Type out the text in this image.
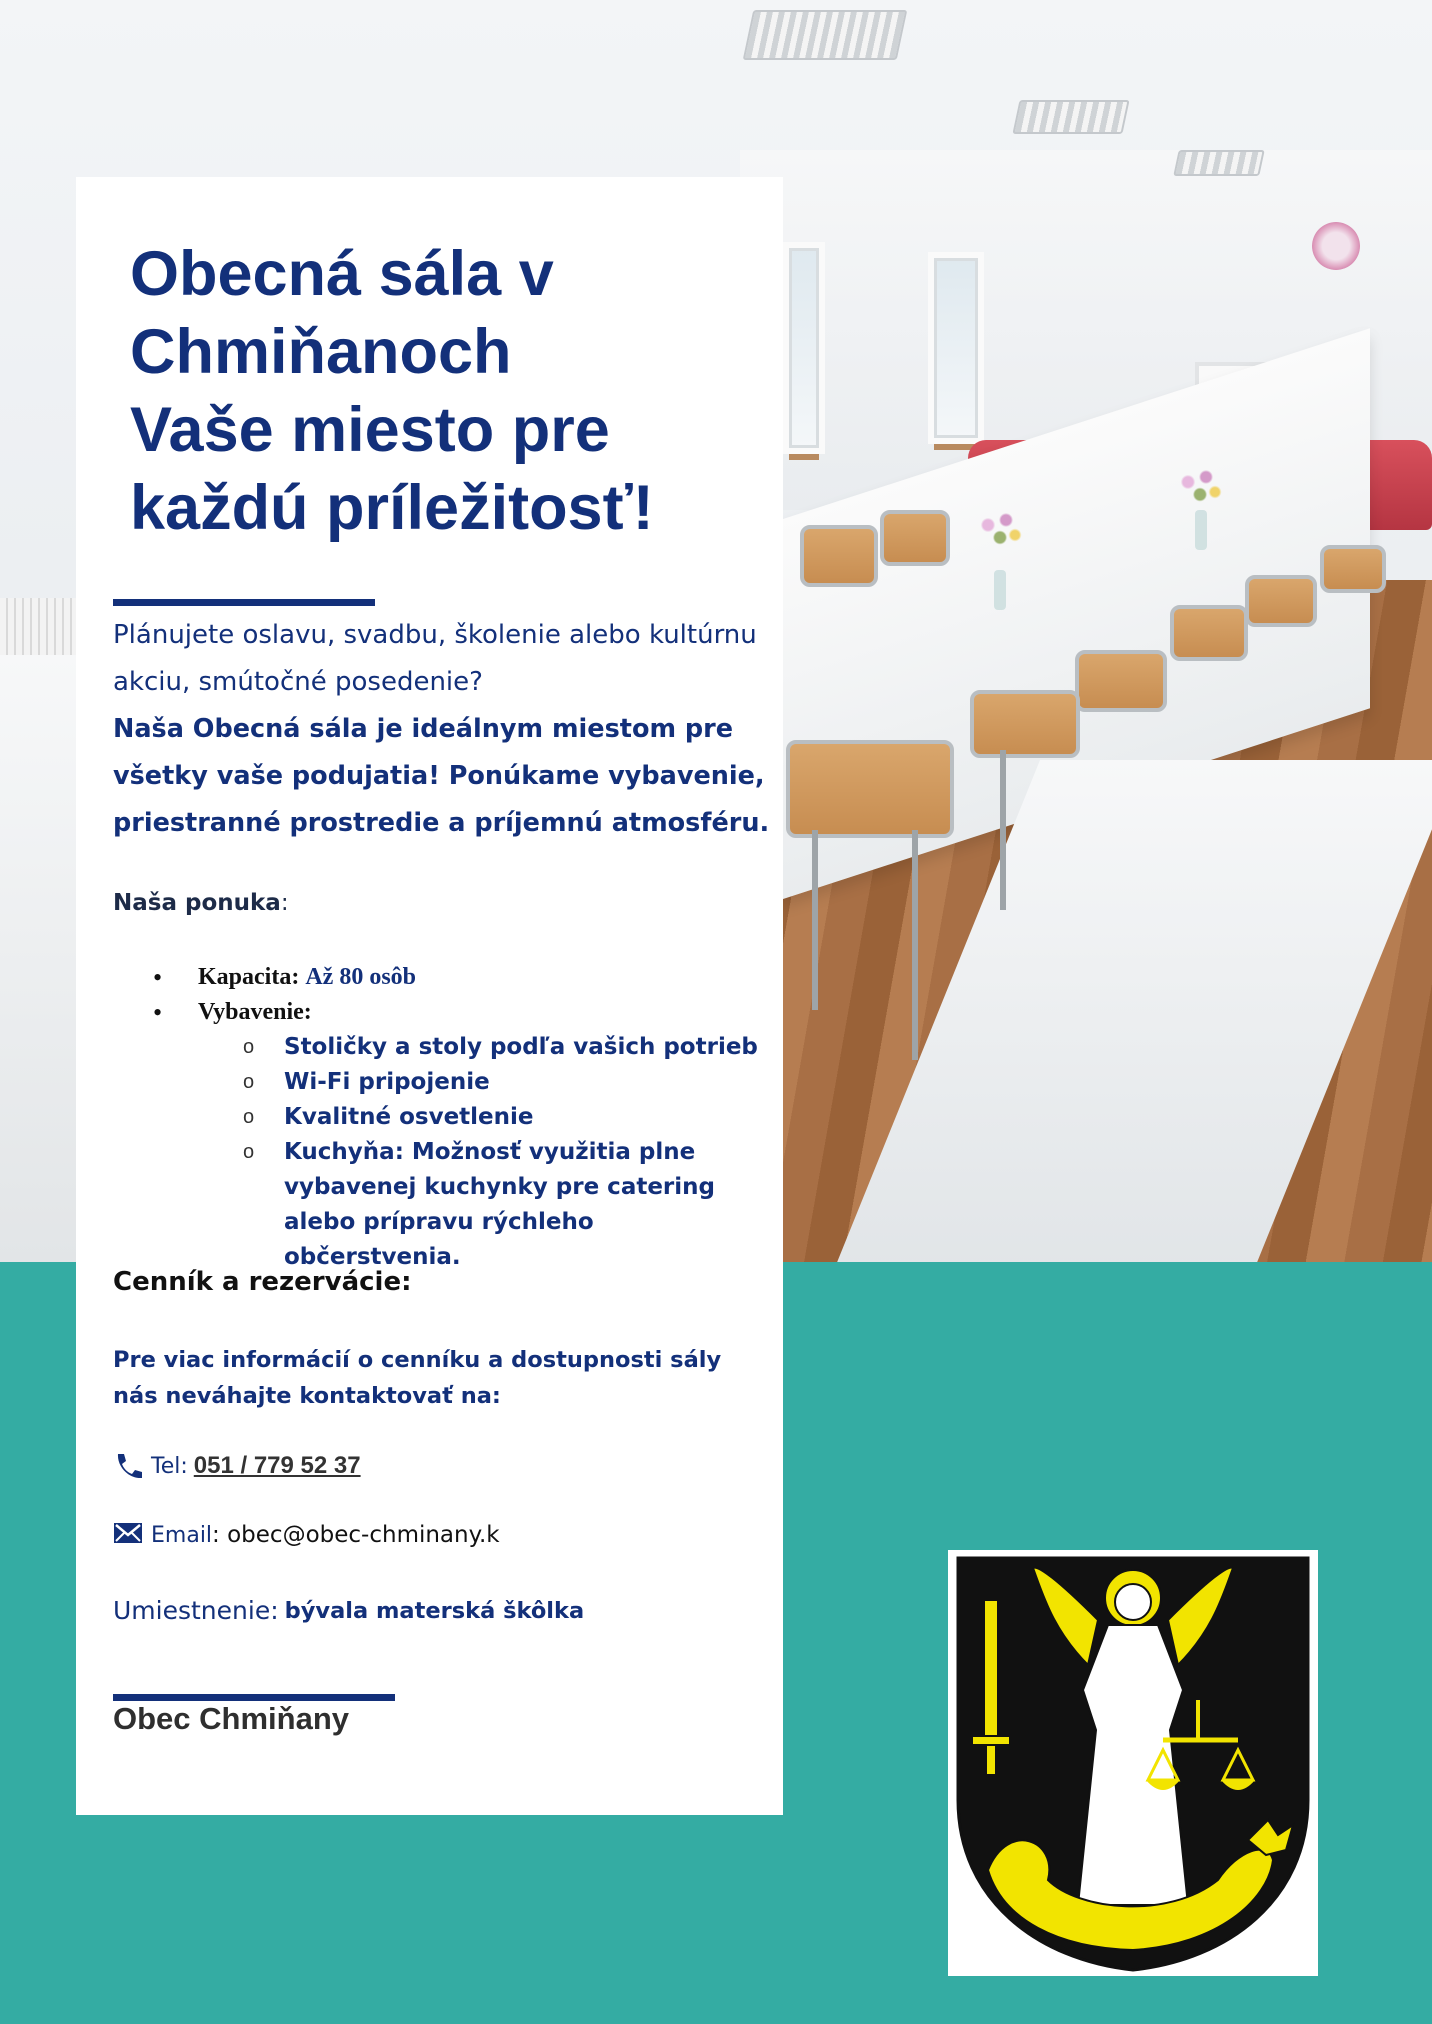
Obecná sála v
Chmiňanoch
Vaše miesto pre
každú príležitosť!

Plánujete oslavu, svadbu, školenie alebo kultúrnu akciu, smútočné posedenie?

Naša Obecná sála je ideálnym miestom pre všetky vaše podujatia! Ponúkame vybavenie, priestranné prostredie a príjemnú atmosféru.

Naša ponuka:
• Kapacita: Až 80 osôb
• Vybavenie:
o Stoličky a stoly podľa vašich potrieb
o Wi-Fi pripojenie
o Kvalitné osvetlenie
o Kuchyňa: Možnosť využitia plne vybavenej kuchynky pre catering alebo prípravu rýchleho občerstvenia.
Cenník a rezervácie:
Pre viac informácií o cenníku a dostupnosti sály nás neváhajte kontaktovať na:
Tel: 051 / 779 52 37
Email : obec@obec-chminany.k
Umiestnenie: bývala materská škôlka
Obec Chmiňany
